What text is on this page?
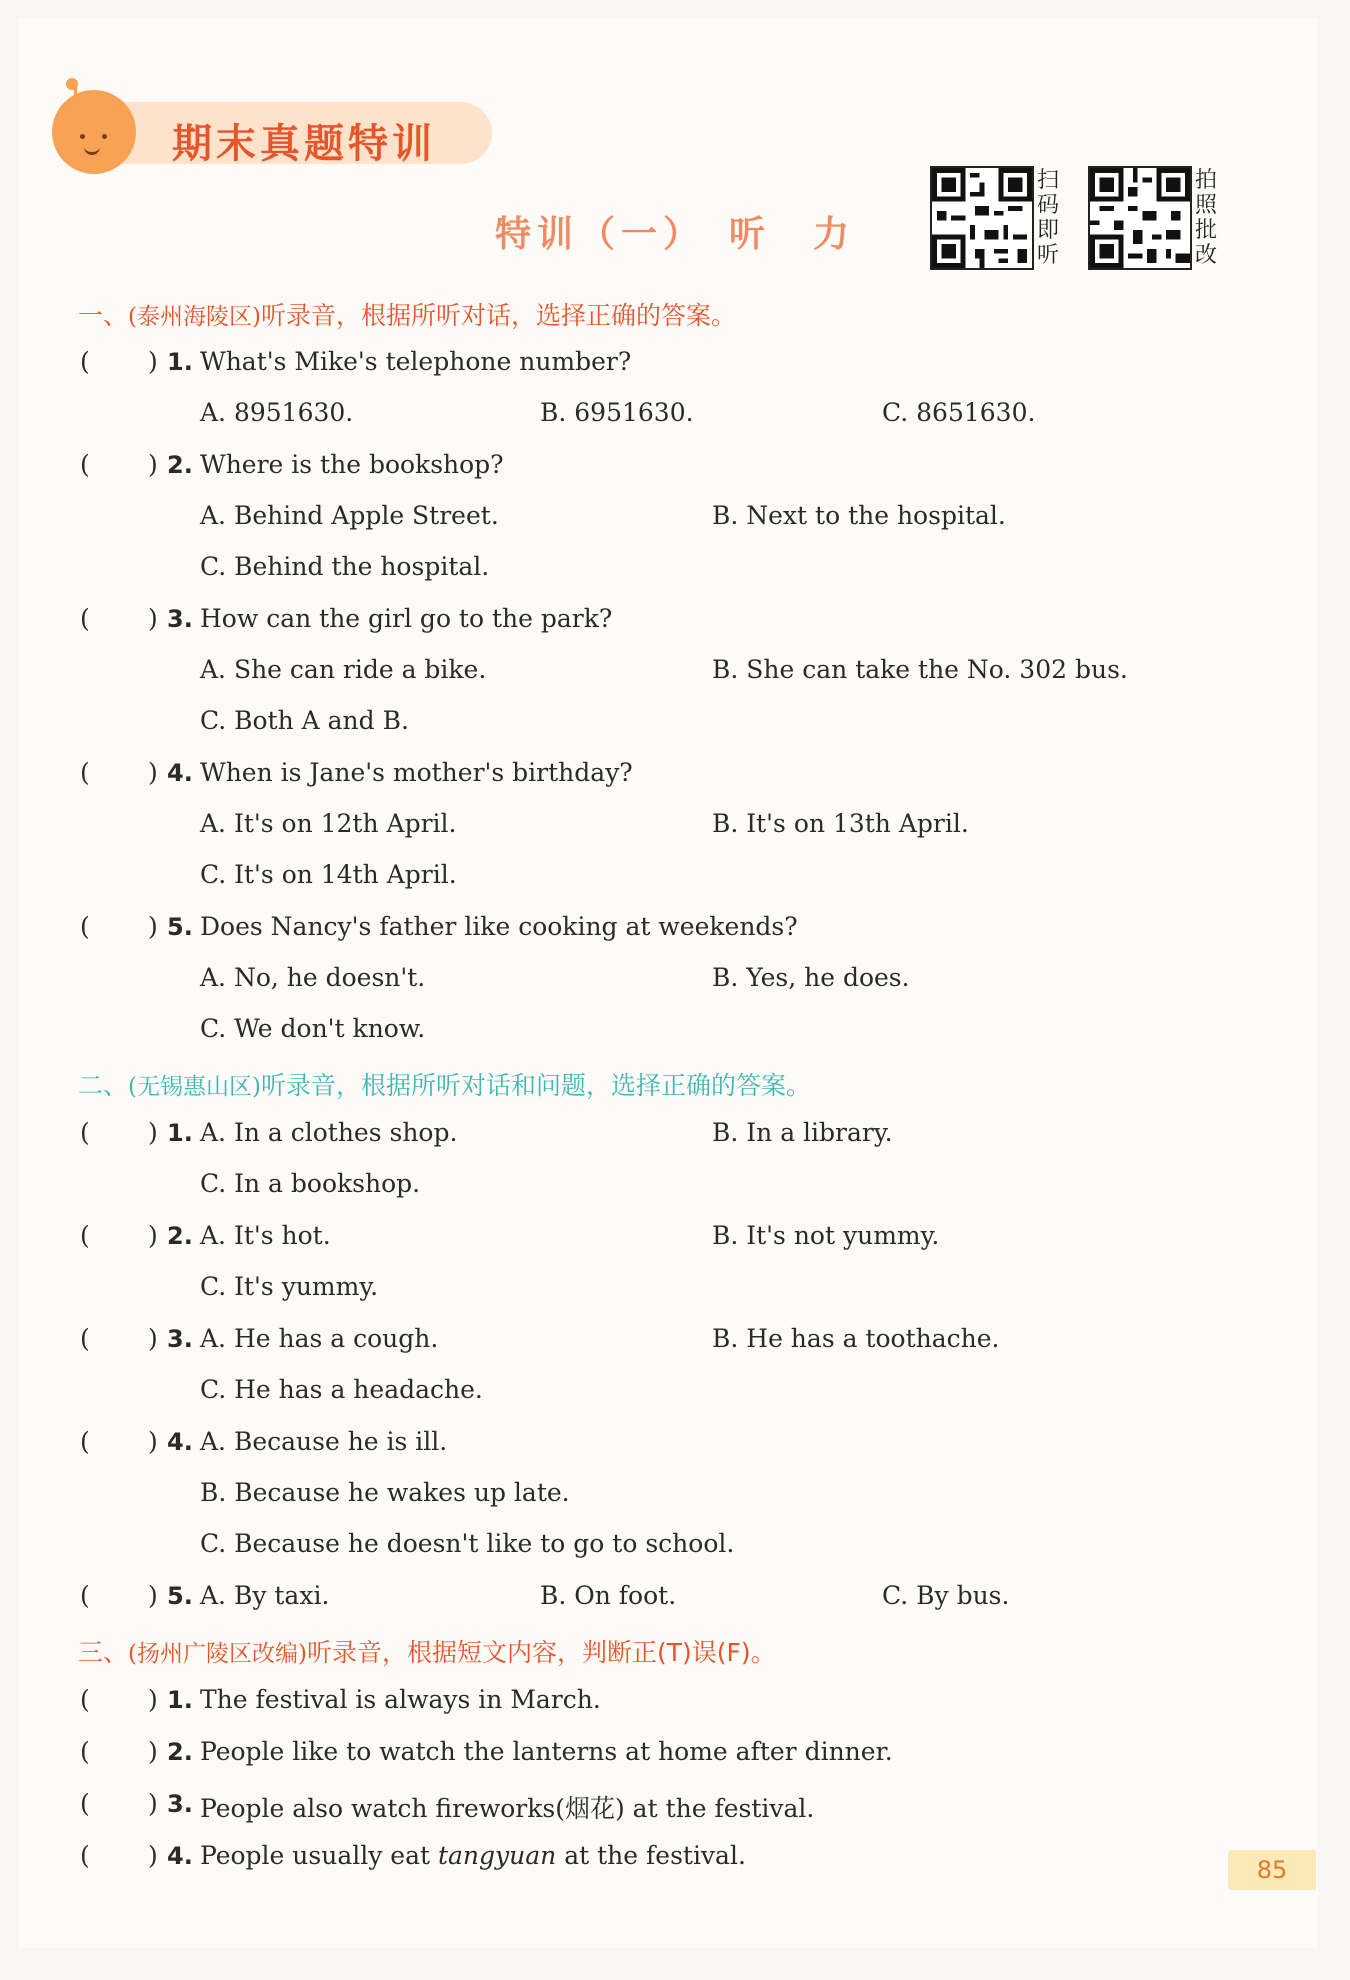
期末真题特训
特训（一）　听　力
扫码即听
拍照批改
一、(泰州海陵区)听录音，根据所听对话，选择正确的答案。
( ) 1. What's Mike's telephone number?
A. 8951630.	B. 6951630.	C. 8651630.
( ) 2. Where is the bookshop?
A. Behind Apple Street.	B. Next to the hospital.
C. Behind the hospital.
( ) 3. How can the girl go to the park?
A. She can ride a bike.	B. She can take the No. 302 bus.
C. Both A and B.
( ) 4. When is Jane's mother's birthday?
A. It's on 12th April.	B. It's on 13th April.
C. It's on 14th April.
( ) 5. Does Nancy's father like cooking at weekends?
A. No, he doesn't.	B. Yes, he does.
C. We don't know.
二、(无锡惠山区)听录音，根据所听对话和问题，选择正确的答案。
( ) 1. A. In a clothes shop.	B. In a library.
C. In a bookshop.
( ) 2. A. It's hot.	B. It's not yummy.
C. It's yummy.
( ) 3. A. He has a cough.	B. He has a toothache.
C. He has a headache.
( ) 4. A. Because he is ill.
B. Because he wakes up late.
C. Because he doesn't like to go to school.
( ) 5. A. By taxi.	B. On foot.	C. By bus.
三、(扬州广陵区改编)听录音，根据短文内容，判断正(T)误(F)。
( ) 1. The festival is always in March.
( ) 2. People like to watch the lanterns at home after dinner.
( ) 3. People also watch fireworks(烟花) at the festival.
( ) 4. People usually eat tangyuan at the festival.	85
